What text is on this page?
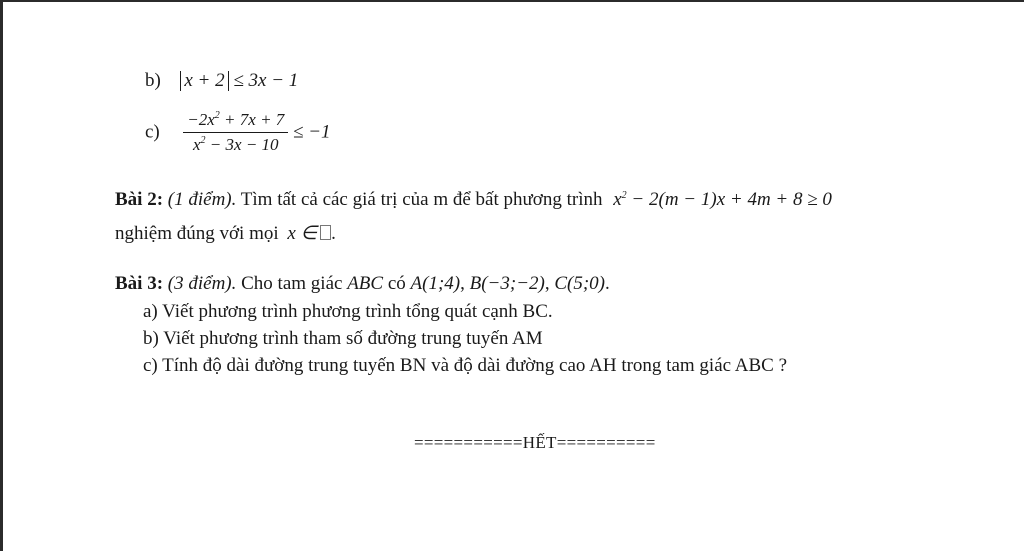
b) x + 2 ≤ 3x − 1
$c) \frac{-2x^2 + 7x + 7}{x^2 - 3x - 10} \le -1$
Bài 2: (1 điểm). Tìm tất cả các giá trị của m để bất phương trình $x^2 - 2(m - 1)x + 4m + 8 \ge 0$
nghiệm đúng với mọi x ∈ .
Bài 3: (3 điểm). Cho tam giác ABC có A(1;4), B(−3;−2), C(5;0).
a) Viết phương trình phương trình tổng quát cạnh BC.
b) Viết phương trình tham số đường trung tuyến AM
c) Tính độ dài đường trung tuyến BN và độ dài đường cao AH trong tam giác ABC ?
===========HẾT==========
